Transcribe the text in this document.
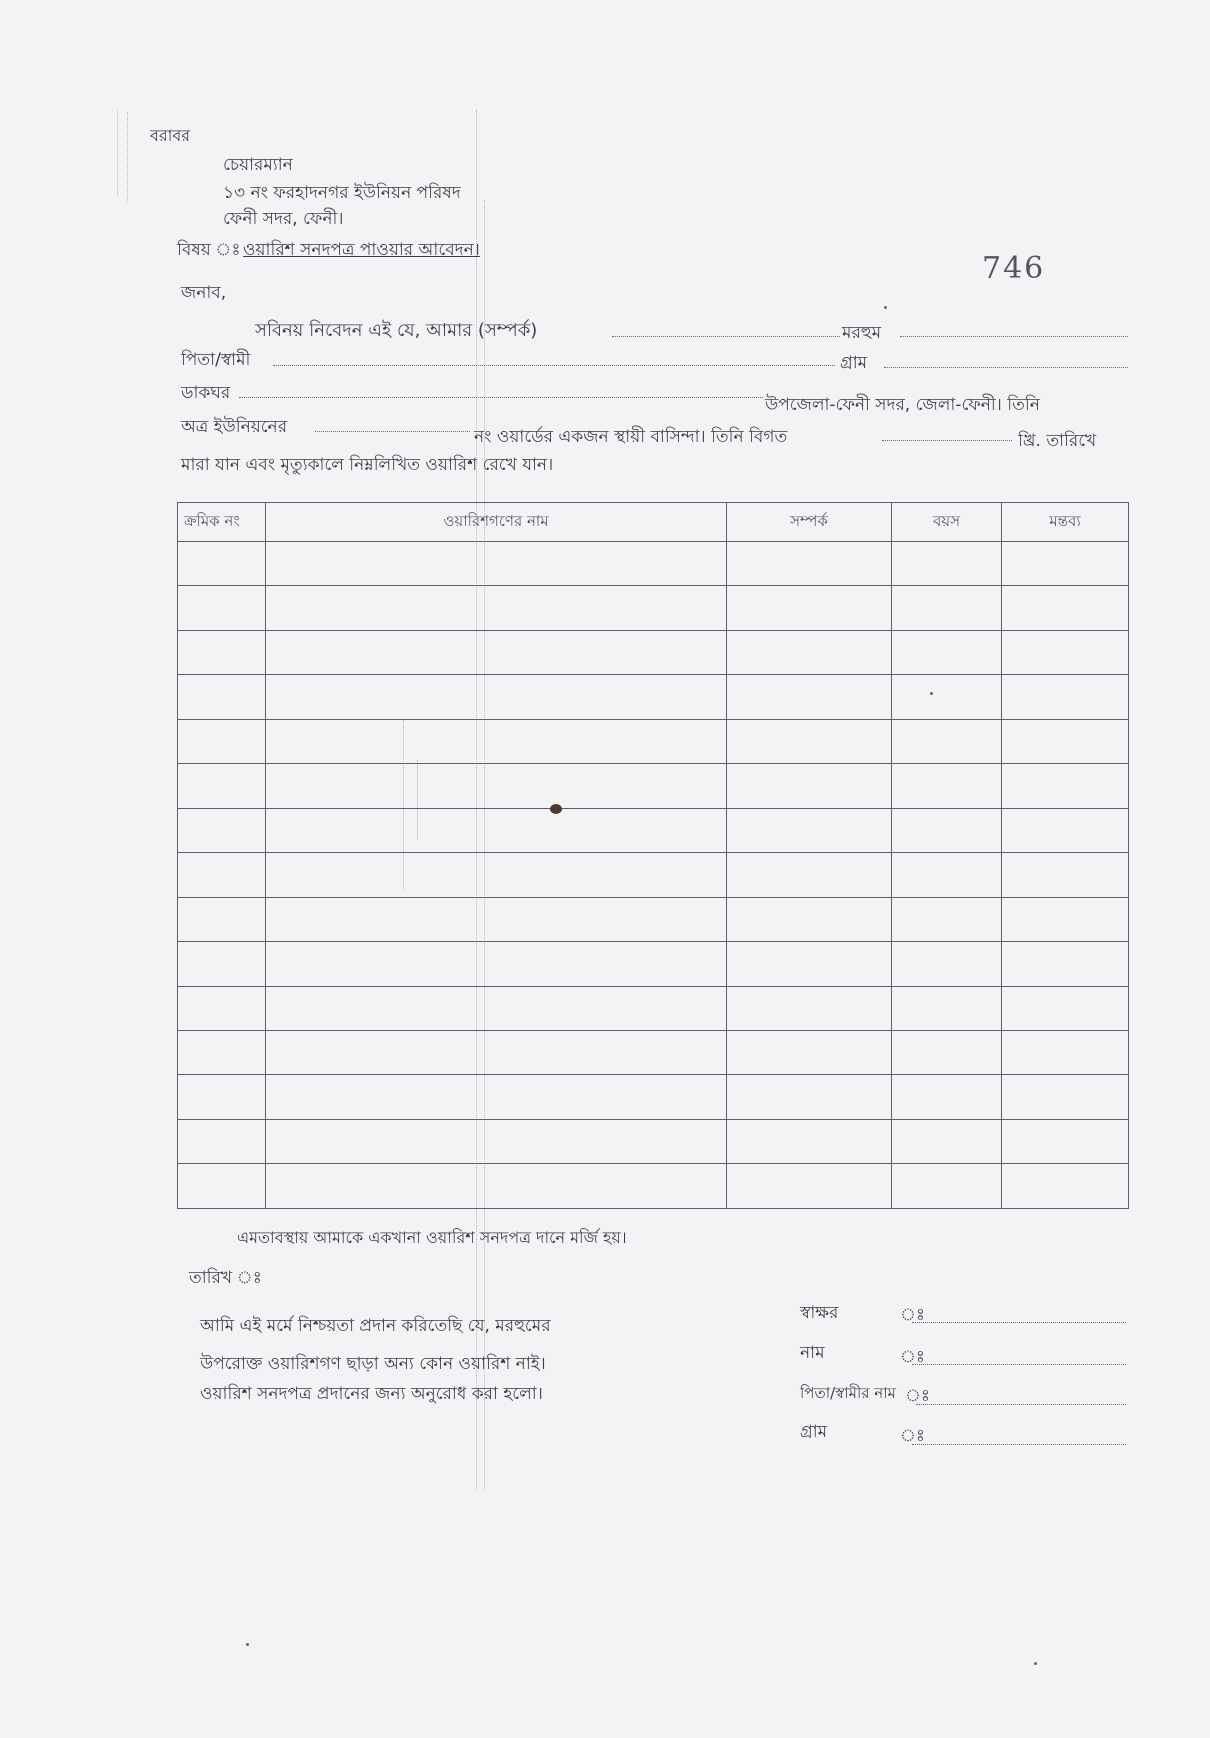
বরাবর
চেয়ারম্যান
১৩ নং ফরহাদনগর ইউনিয়ন পরিষদ
ফেনী সদর, ফেনী।
746
বিষয় ঃ ওয়ারিশ সনদপত্র পাওয়ার আবেদন।
জনাব,
সবিনয় নিবেদন এই যে, আমার (সম্পর্ক)	মরহুম
পিতা/স্বামী	গ্রাম
ডাকঘর
উপজেলা-ফেনী সদর, জেলা-ফেনী। তিনি
অত্র ইউনিয়নের	নং ওয়ার্ডের একজন স্থায়ী বাসিন্দা। তিনি বিগত	খ্রি. তারিখে
মারা যান এবং মৃত্যুকালে নিম্নলিখিত ওয়ারিশ রেখে যান।
ক্রমিক নং	ওয়ারিশগণের নাম	সম্পর্ক	বয়স	মন্তব্য

এমতাবস্থায় আমাকে একখানা ওয়ারিশ সনদপত্র দানে মর্জি হয়।
তারিখ ঃ
আমি এই মর্মে নিশ্চয়তা প্রদান করিতেছি যে, মরহুমের
উপরোক্ত ওয়ারিশগণ ছাড়া অন্য কোন ওয়ারিশ নাই।
ওয়ারিশ সনদপত্র প্রদানের জন্য অনুরোধ করা হলো।
স্বাক্ষর	ঃ
নাম	ঃ
পিতা/স্বামীর নাম ঃ
গ্রাম	ঃ
